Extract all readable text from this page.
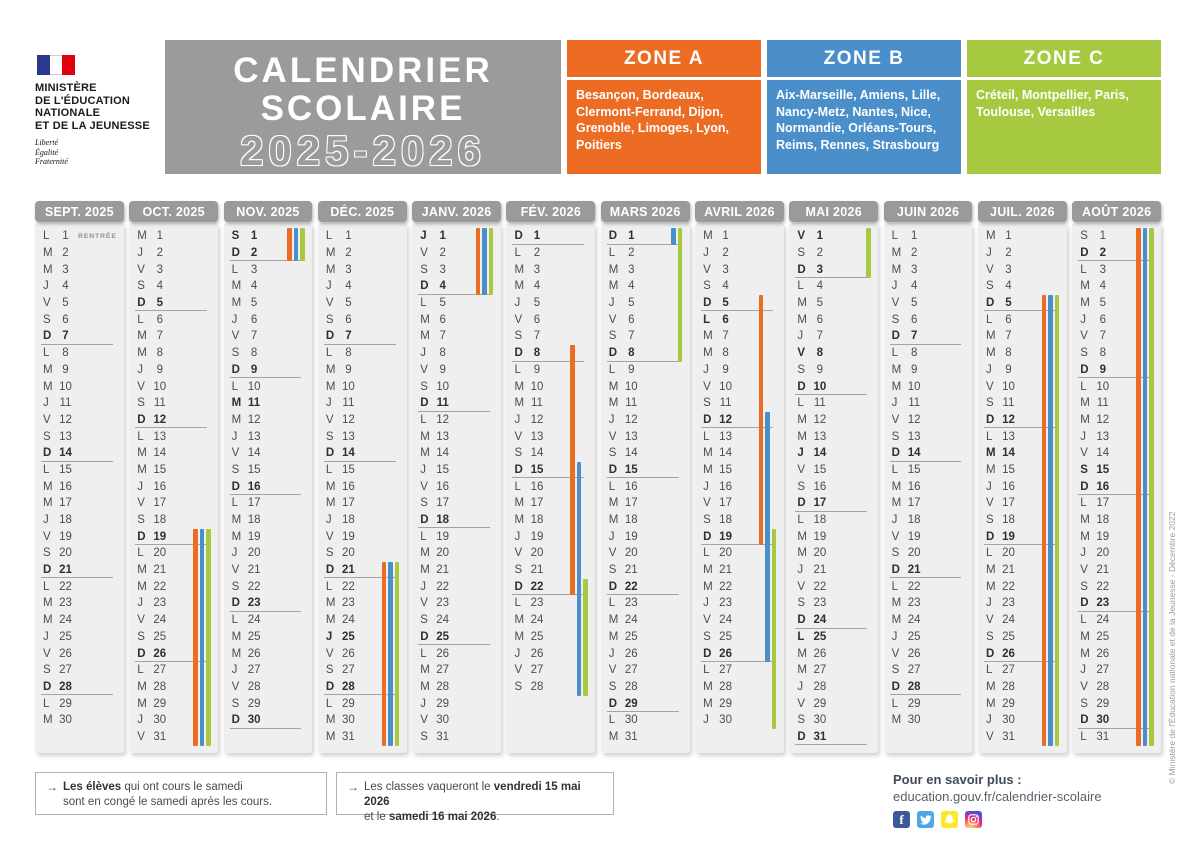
MINISTÈRE
DE L'ÉDUCATION
NATIONALE
ET DE LA JEUNESSE
Liberté
Égalité
Fraternité
CALENDRIER
SCOLAIRE
2025-2026
ZONE A
Besançon, Bordeaux, Clermont-Ferrand, Dijon, Grenoble, Limoges, Lyon, Poitiers
ZONE B
Aix-Marseille, Amiens, Lille, Nancy-Metz, Nantes, Nice, Normandie, Orléans-Tours, Reims, Rennes, Strasbourg
ZONE C
Créteil, Montpellier, Paris, Toulouse, Versailles
SEPT. 2025
L	1	RENTRÉE
M 2
M 3
J	4
V	5
S	6
D 7
L	8
M 9
M 10
J 11
V 12
S 13
D 14
L 15
M 16
M 17
J 18
V 19
S 20
D 21
L 22
M 23
M 24
J 25
V 26
S 27
D 28
L 29
M 30
OCT. 2025
M 1
J	2
V	3
S	4
D 5
L	6
M 7
M 8
J	9
V 10
S 11
D 12
L 13
M 14
M 15
J 16
V 17
S 18
D 19
L 20
M 21
M 22
J 23
V 24
S 25
D 26
L 27
M 28
M 29
J 30
V 31
NOV. 2025
S	1
D 2
L	3
M 4
M 5
J	6
V	7
S	8
D 9
L 10
M 11
M 12
J 13
V 14
S 15
D 16
L 17
M 18
M 19
J 20
V 21
S 22
D 23
L 24
M 25
M 26
J 27
V 28
S 29
D 30
DÉC. 2025
L	1
M 2
M 3
J	4
V	5
S	6
D 7
L	8
M 9
M 10
J 11
V 12
S 13
D 14
L 15
M 16
M 17
J 18
V 19
S 20
D 21
L 22
M 23
M 24
J 25
V 26
S 27
D 28
L 29
M 30
M 31
JANV. 2026
J	1
V	2
S	3
D 4
L	5
M 6
M 7
J	8
V	9
S 10
D 11
L 12
M 13
M 14
J 15
V 16
S 17
D 18
L 19
M 20
M 21
J 22
V 23
S 24
D 25
L 26
M 27
M 28
J 29
V 30
S 31
FÉV. 2026
D 1
L	2
M 3
M 4
J	5
V	6
S	7
D 8
L	9
M 10
M 11
J 12
V 13
S 14
D 15
L 16
M 17
M 18
J 19
V 20
S 21
D 22
L 23
M 24
M 25
J 26
V 27
S 28
MARS 2026
D 1
L	2
M 3
M 4
J	5
V	6
S	7
D 8
L	9
M 10
M 11
J 12
V 13
S 14
D 15
L 16
M 17
M 18
J 19
V 20
S 21
D 22
L 23
M 24
M 25
J 26
V 27
S 28
D 29
L 30
M 31
AVRIL 2026
M 1
J	2
V	3
S	4
D 5
L	6
M 7
M 8
J	9
V 10
S 11
D 12
L 13
M 14
M 15
J 16
V 17
S 18
D 19
L 20
M 21
M 22
J 23
V 24
S 25
D 26
L 27
M 28
M 29
J 30
MAI 2026
V	1
S	2
D 3
L	4
M 5
M 6
J	7
V	8
S	9
D 10
L 11
M 12
M 13
J 14
V 15
S 16
D 17
L 18
M 19
M 20
J 21
V 22
S 23
D 24
L 25
M 26
M 27
J 28
V 29
S 30
D 31
JUIN 2026
L	1
M 2
M 3
J	4
V	5
S	6
D 7
L	8
M 9
M 10
J 11
V 12
S 13
D 14
L 15
M 16
M 17
J 18
V 19
S 20
D 21
L 22
M 23
M 24
J 25
V 26
S 27
D 28
L 29
M 30
JUIL. 2026
M 1
J	2
V	3
S	4
D 5
L	6
M 7
M 8
J	9
V 10
S 11
D 12
L 13
M 14
M 15
J 16
V 17
S 18
D 19
L 20
M 21
M 22
J 23
V 24
S 25
D 26
L 27
M 28
M 29
J 30
V 31
AOÛT 2026
S	1
D 2
L	3
M 4
M 5
J	6
V	7
S	8
D 9
L 10
M 11
M 12
J 13
V 14
S 15
D 16
L 17
M 18
M 19
J 20
V 21
S 22
D 23
L 24
M 25
M 26
J 27
V 28
S 29
D 30
L 31
→ Les élèves qui ont cours le samedi
sont en congé le samedi après les cours.
→ Les classes vaqueront le vendredi 15 mai 2026
et le samedi 16 mai 2026.
Pour en savoir plus :
education.gouv.fr/calendrier-scolaire
f
© Ministère de l'Éducation nationale et de la Jeunesse - Décembre 2022
